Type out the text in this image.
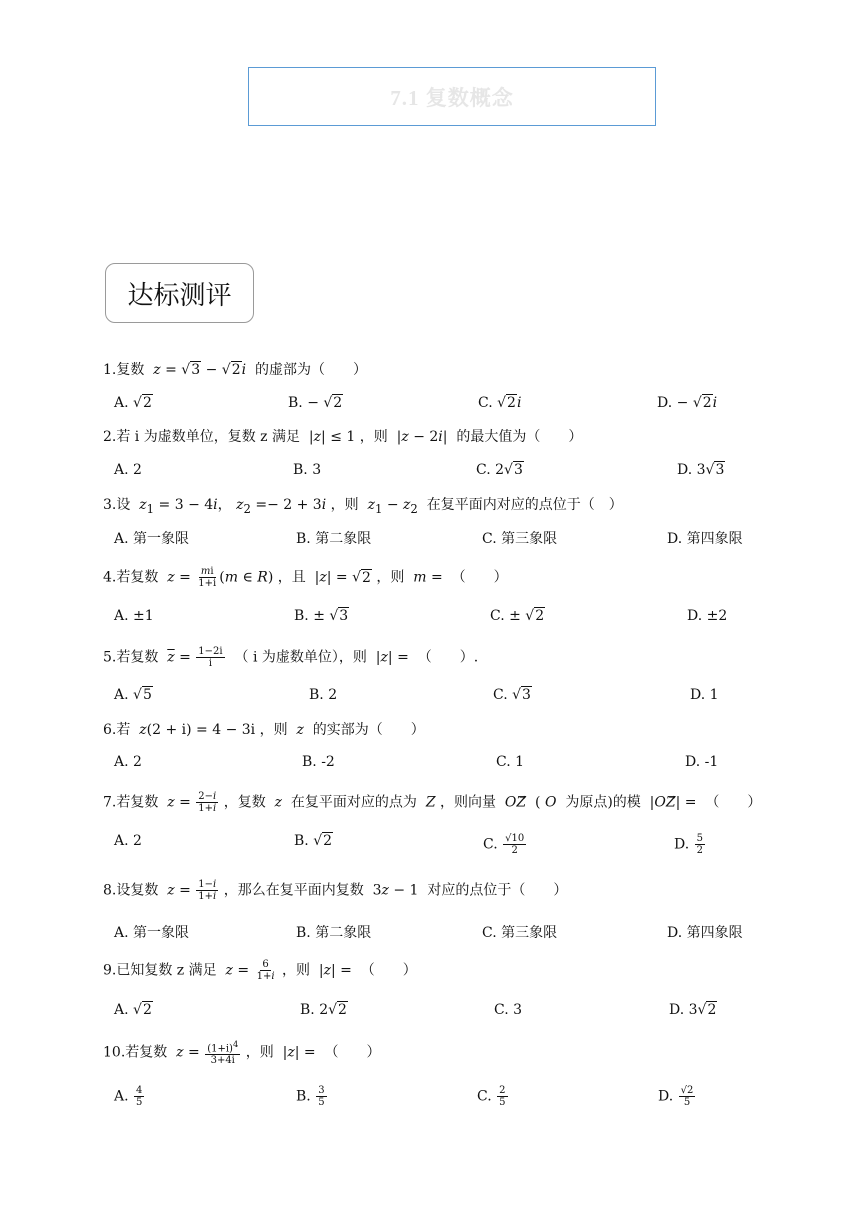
7.1 复数概念
达标测评
1.复数  z = √3 − √2i  的虚部为（　　）
A. √2	B. − √2	C. √2i	D. − √2i
2.若 i 为虚数单位，复数 z 满足  |z| ≤ 1 ，则  |z − 2i|  的最大值为（　　）
A. 2	B. 3	C. 2√3	D. 3√3
3.设  $z_1 = 3 - 4i$， $z_2 =- 2 + 3i$ ，则  $z_1 - z_2$  在复平面内对应的点位于（　）
A. 第一象限	B. 第二象限	C. 第三象限	D. 第四象限
4.若复数  $z = \frac{mi}{1+i} (m$ ∈ R) ，且  |z| = √2 ，则  m =  （　　）
A. ±1	B. ± √3	C. ± √2	D. ±2
5.若复数  $\overline{z} = \frac{1-2i}{i}$ （ i 为虚数单位），则  |z| =  （　　）.
A. √5	B. 2	C. √3	D. 1
6.若  z(2 + i) = 4 − 3i ，则  z  的实部为（　　）
A. 2	B. -2	C. 1	D. -1
7.若复数  $z = \frac{2-i}{1+i}$ ，复数  z  在复平面对应的点为  Z ，则向量  OZ⃗  ( O  为原点)的模  |OZ⃗| =  （　　）
A. 2	B. √2	C. $\frac{√10}{2}$	D. $\frac{5}{2}$
8.设复数  $z = \frac{1-i}{1+i}$ ，那么在复平面内复数  3z − 1  对应的点位于（　　）
A. 第一象限	B. 第二象限	C. 第三象限	D. 第四象限
9.已知复数 z 满足  $z = \frac{6}{1+i}$ ，则  |z| =  （　　）
A. √2	B. 2√2	C. 3	D. 3√2
10.若复数  $z = \frac{(1+i)^4}{3+4i}$ ，则  |z| =  （　　）
A. $\frac{4}{5}$	B. $\frac{3}{5}$	C. $\frac{2}{5}$	D. $\frac{√2}{5}$
